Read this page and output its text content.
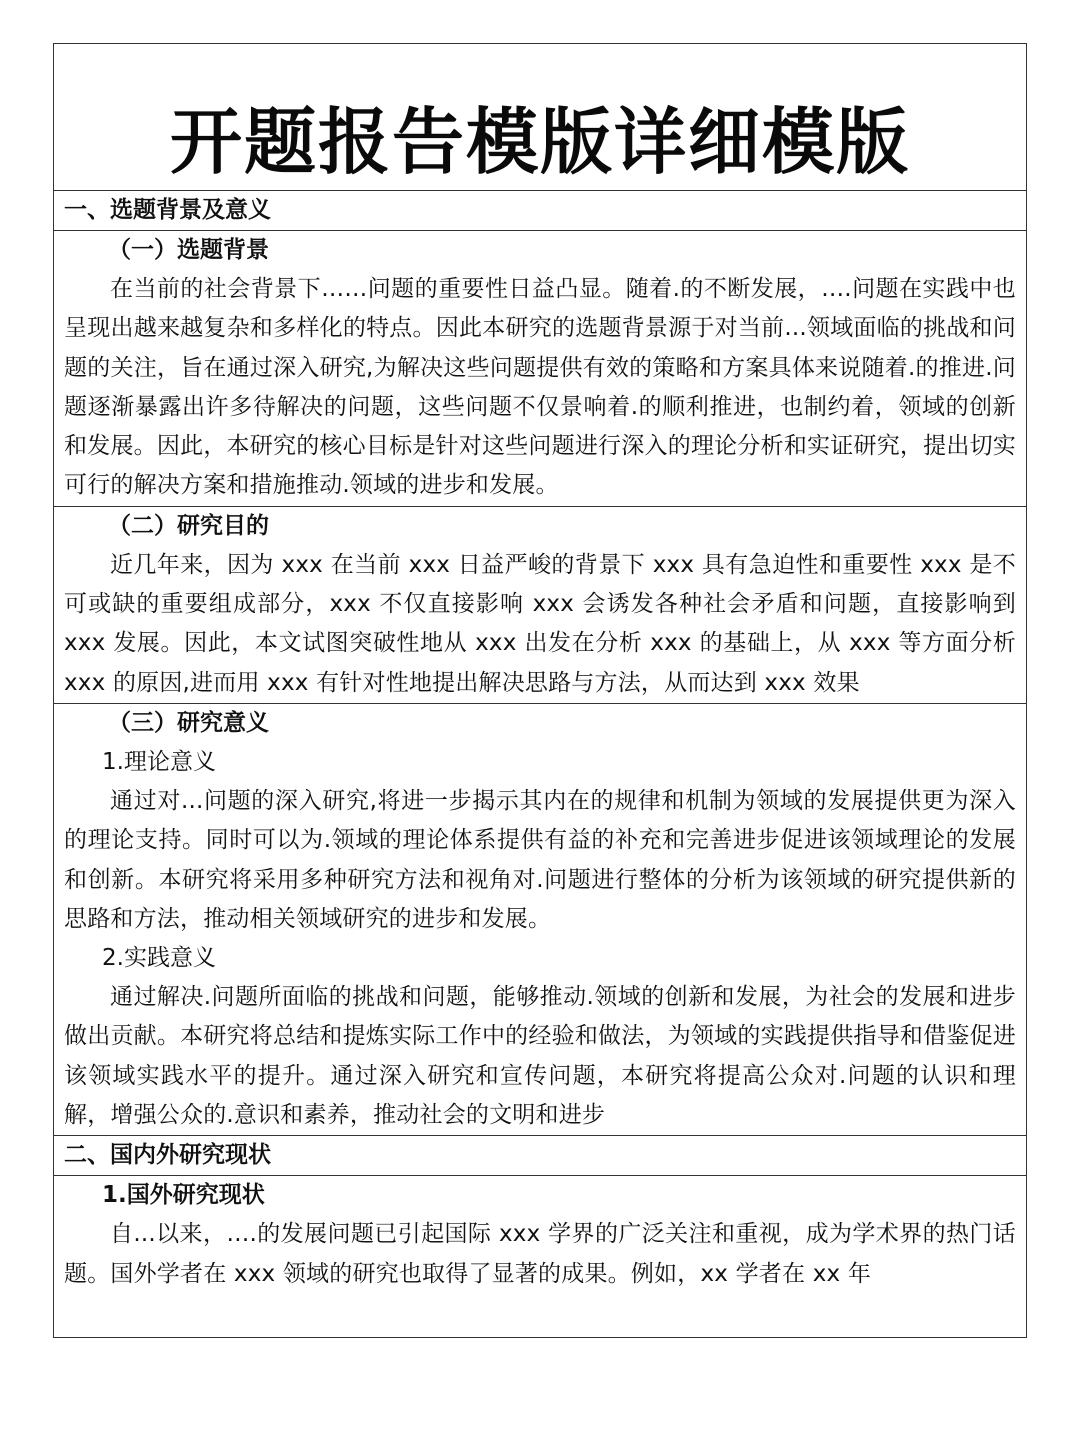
开题报告模版详细模版
一、选题背景及意义
（一）选题背景

在当前的社会背景下……问题的重要性日益凸显。随着.的不断发展，….问题在实践中也呈现出越来越复杂和多样化的特点。因此本研究的选题背景源于对当前...领域面临的挑战和问题的关注，旨在通过深入研究,为解决这些问题提供有效的策略和方案具体来说随着.的推进.问题逐渐暴露出许多待解决的问题，这些问题不仅景响着.的顺利推进，也制约着，领域的创新和发展。因此，本研究的核心目标是针对这些问题进行深入的理论分析和实证研究，提出切实可行的解决方案和措施推动.领域的进步和发展。

（二）研究目的

近几年来，因为 xxx 在当前 xxx 日益严峻的背景下 xxx 具有急迫性和重要性 xxx 是不可或缺的重要组成部分，xxx 不仅直接影响 xxx 会诱发各种社会矛盾和问题，直接影响到 xxx 发展。因此，本文试图突破性地从 xxx 出发在分析 xxx 的基础上，从 xxx 等方面分析 xxx 的原因,进而用 xxx 有针对性地提出解决思路与方法，从而达到 xxx 效果

（三）研究意义
1.理论意义

通过对...问题的深入研究,将进一步揭示其内在的规律和机制为领域的发展提供更为深入的理论支持。同时可以为.领域的理论体系提供有益的补充和完善进步促进该领域理论的发展和创新。本研究将采用多种研究方法和视角对.问题进行整体的分析为该领域的研究提供新的思路和方法，推动相关领域研究的进步和发展。

2.实践意义

通过解决.问题所面临的挑战和问题，能够推动.领域的创新和发展，为社会的发展和进步做出贡献。本研究将总结和提炼实际工作中的经验和做法，为领域的实践提供指导和借鉴促进该领域实践水平的提升。通过深入研究和宣传问题，本研究将提高公众对.问题的认识和理解，增强公众的.意识和素养，推动社会的文明和进步

二、国内外研究现状
1.国外研究现状

自...以来，….的发展问题已引起国际 xxx 学界的广泛关注和重视，成为学术界的热门话题。国外学者在 xxx 领域的研究也取得了显著的成果。例如，xx 学者在 xx 年
